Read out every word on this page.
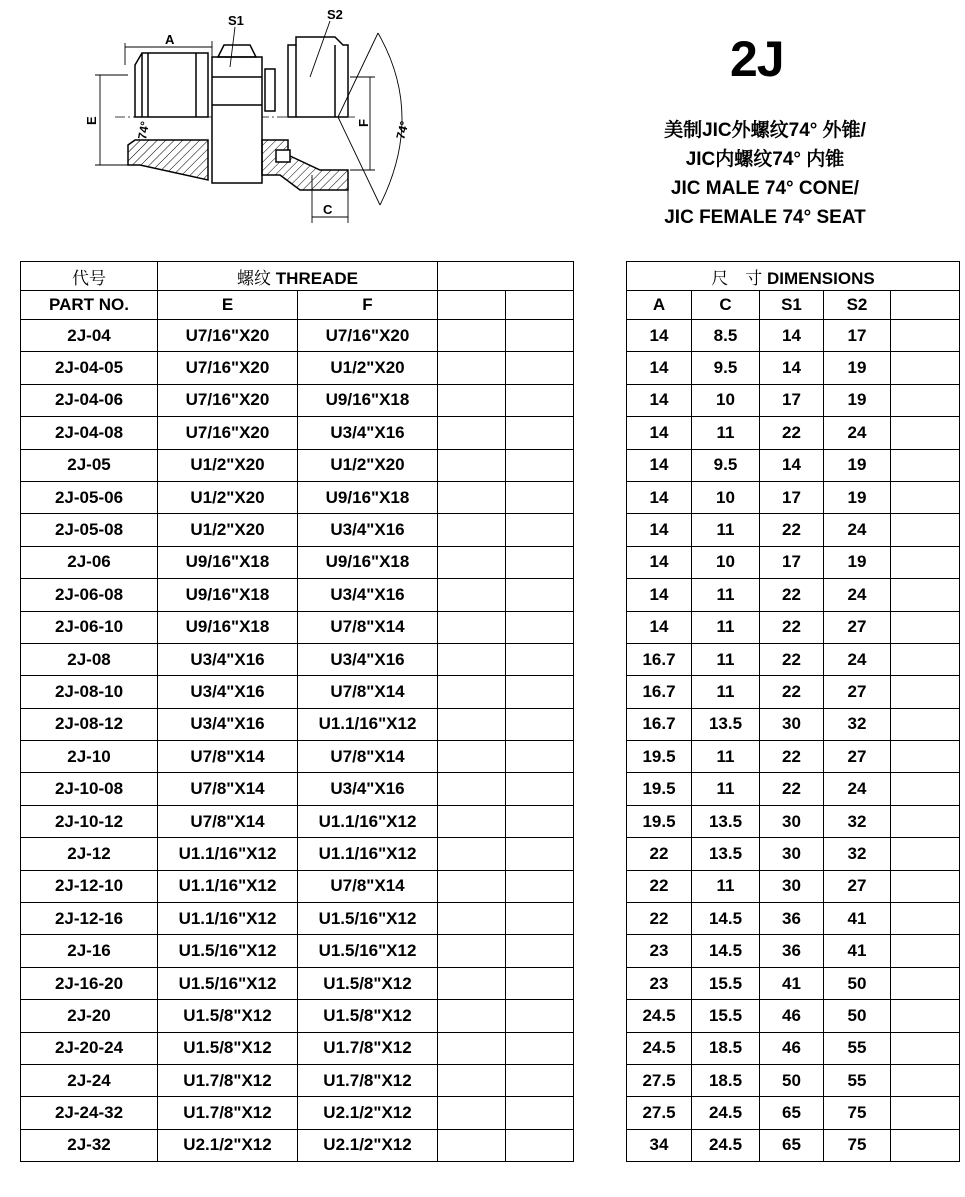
A
S1	S2
E	F
C
74°	74°
2J
美制JIC外螺纹74° 外锥/
JIC内螺纹74° 内锥
JIC MALE 74° CONE/
JIC FEMALE 74° SEAT
代号	螺纹 THREADE					尺　寸 DIMENSIONS				
PART NO.	E	F				A	C	S1	S2	
2J-04	U7/16"X20	U7/16"X20				14	8.5	14	17	
2J-04-05	U7/16"X20	U1/2"X20				14	9.5	14	19	
2J-04-06	U7/16"X20	U9/16"X18				14	10	17	19	
2J-04-08	U7/16"X20	U3/4"X16				14	11	22	24	
2J-05	U1/2"X20	U1/2"X20				14	9.5	14	19	
2J-05-06	U1/2"X20	U9/16"X18				14	10	17	19	
2J-05-08	U1/2"X20	U3/4"X16				14	11	22	24	
2J-06	U9/16"X18	U9/16"X18				14	10	17	19	
2J-06-08	U9/16"X18	U3/4"X16				14	11	22	24	
2J-06-10	U9/16"X18	U7/8"X14				14	11	22	27	
2J-08	U3/4"X16	U3/4"X16				16.7	11	22	24	
2J-08-10	U3/4"X16	U7/8"X14				16.7	11	22	27	
2J-08-12	U3/4"X16	U1.1/16"X12				16.7	13.5	30	32	
2J-10	U7/8"X14	U7/8"X14				19.5	11	22	27	
2J-10-08	U7/8"X14	U3/4"X16				19.5	11	22	24	
2J-10-12	U7/8"X14	U1.1/16"X12				19.5	13.5	30	32	
2J-12	U1.1/16"X12	U1.1/16"X12				22	13.5	30	32	
2J-12-10	U1.1/16"X12	U7/8"X14				22	11	30	27	
2J-12-16	U1.1/16"X12	U1.5/16"X12				22	14.5	36	41	
2J-16	U1.5/16"X12	U1.5/16"X12				23	14.5	36	41	
2J-16-20	U1.5/16"X12	U1.5/8"X12				23	15.5	41	50	
2J-20	U1.5/8"X12	U1.5/8"X12				24.5	15.5	46	50	
2J-20-24	U1.5/8"X12	U1.7/8"X12				24.5	18.5	46	55	
2J-24	U1.7/8"X12	U1.7/8"X12				27.5	18.5	50	55	
2J-24-32	U1.7/8"X12	U2.1/2"X12				27.5	24.5	65	75	
2J-32	U2.1/2"X12	U2.1/2"X12				34	24.5	65	75	
